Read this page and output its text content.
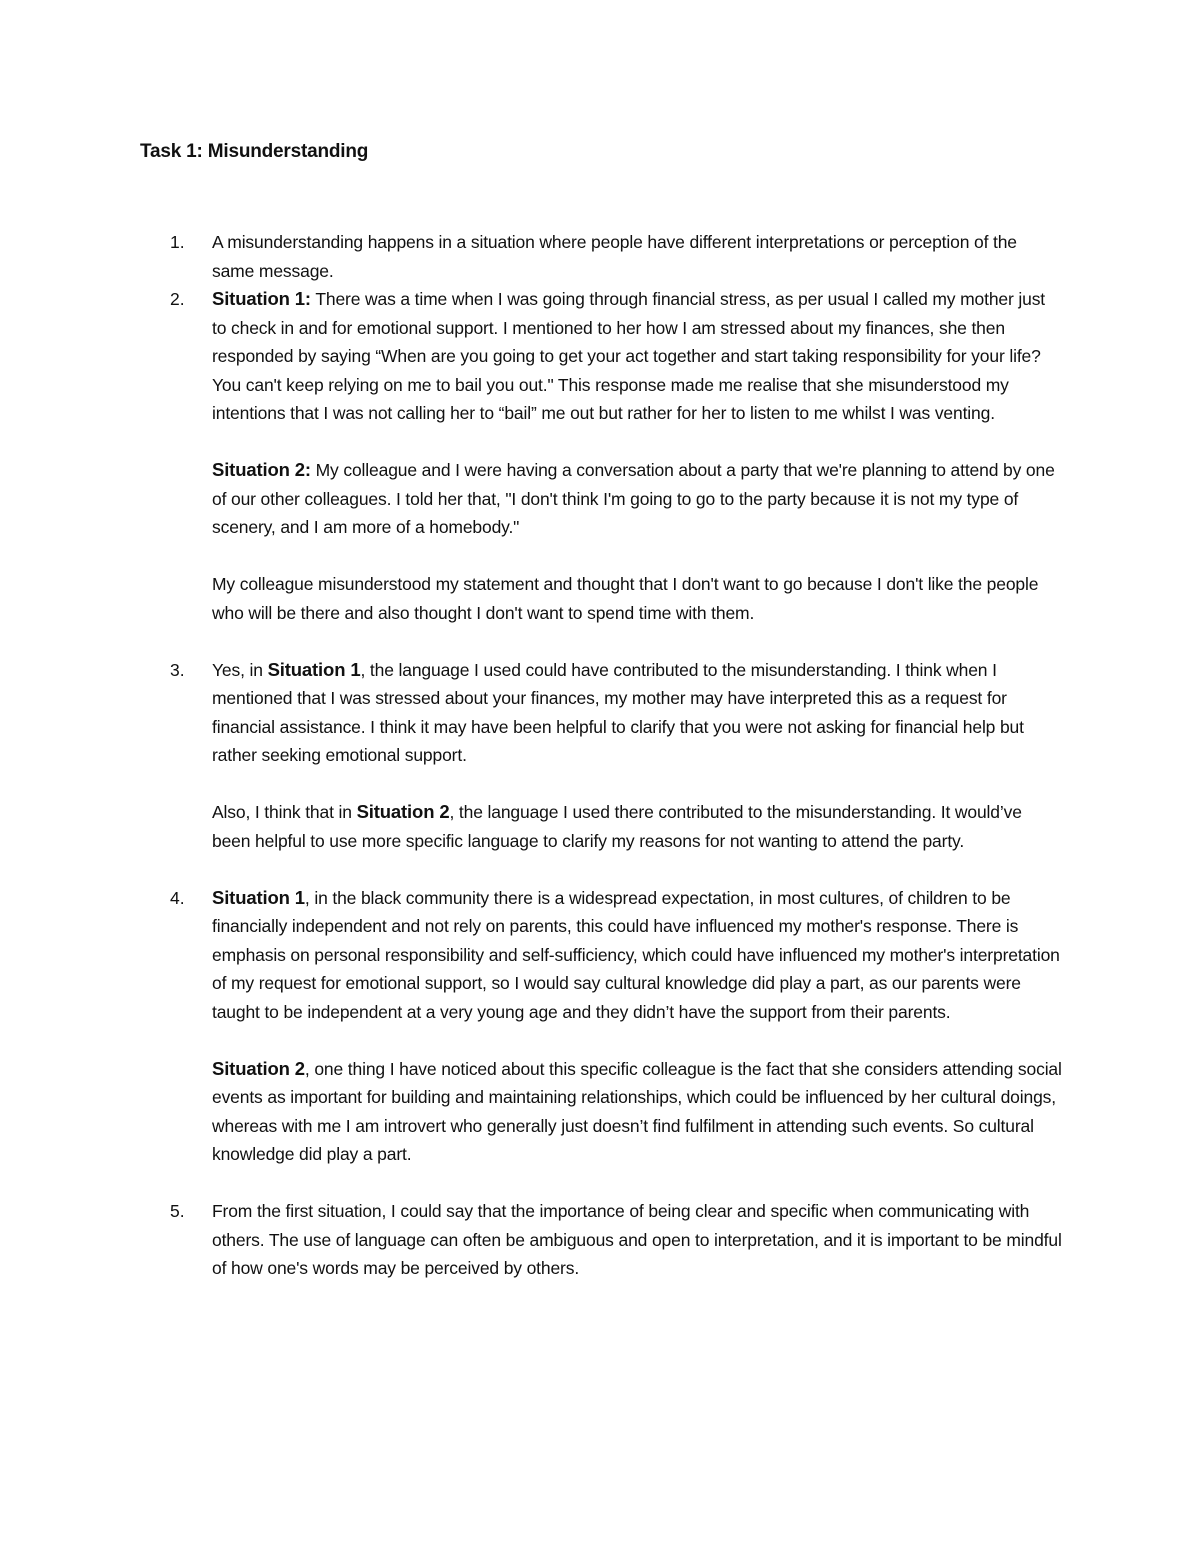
Task 1: Misunderstanding
1.	A misunderstanding happens in a situation where people have different interpretations or perception of the same message.

2.	Situation 1: There was a time when I was going through financial stress, as per usual I called my mother just to check in and for emotional support. I mentioned to her how I am stressed about my finances, she then responded by saying “When are you going to get your act together and start taking responsibility for your life? You can't keep relying on me to bail you out." This response made me realise that she misunderstood my intentions that I was not calling her to “bail” me out but rather for her to listen to me whilst I was venting.

Situation 2: My colleague and I were having a conversation about a party that we're planning to attend by one of our other colleagues. I told her that, "I don't think I'm going to go to the party because it is not my type of scenery, and I am more of a homebody."

My colleague misunderstood my statement and thought that I don't want to go because I don't like the people who will be there and also thought I don't want to spend time with them.

3.	Yes, in Situation 1, the language I used could have contributed to the misunderstanding. I think when I mentioned that I was stressed about your finances, my mother may have interpreted this as a request for financial assistance. I think it may have been helpful to clarify that you were not asking for financial help but rather seeking emotional support.

Also, I think that in Situation 2, the language I used there contributed to the misunderstanding. It would’ve been helpful to use more specific language to clarify my reasons for not wanting to attend the party.

4.	Situation 1, in the black community there is a widespread expectation, in most cultures, of children to be financially independent and not rely on parents, this could have influenced my mother's response. There is emphasis on personal responsibility and self-sufficiency, which could have influenced my mother's interpretation of my request for emotional support, so I would say cultural knowledge did play a part, as our parents were taught to be independent at a very young age and they didn’t have the support from their parents.

Situation 2, one thing I have noticed about this specific colleague is the fact that she considers attending social events as important for building and maintaining relationships, which could be influenced by her cultural doings, whereas with me I am introvert who generally just doesn’t find fulfilment in attending such events. So cultural knowledge did play a part.

5.	From the first situation, I could say that the importance of being clear and specific when communicating with others. The use of language can often be ambiguous and open to interpretation, and it is important to be mindful of how one's words may be perceived by others.
